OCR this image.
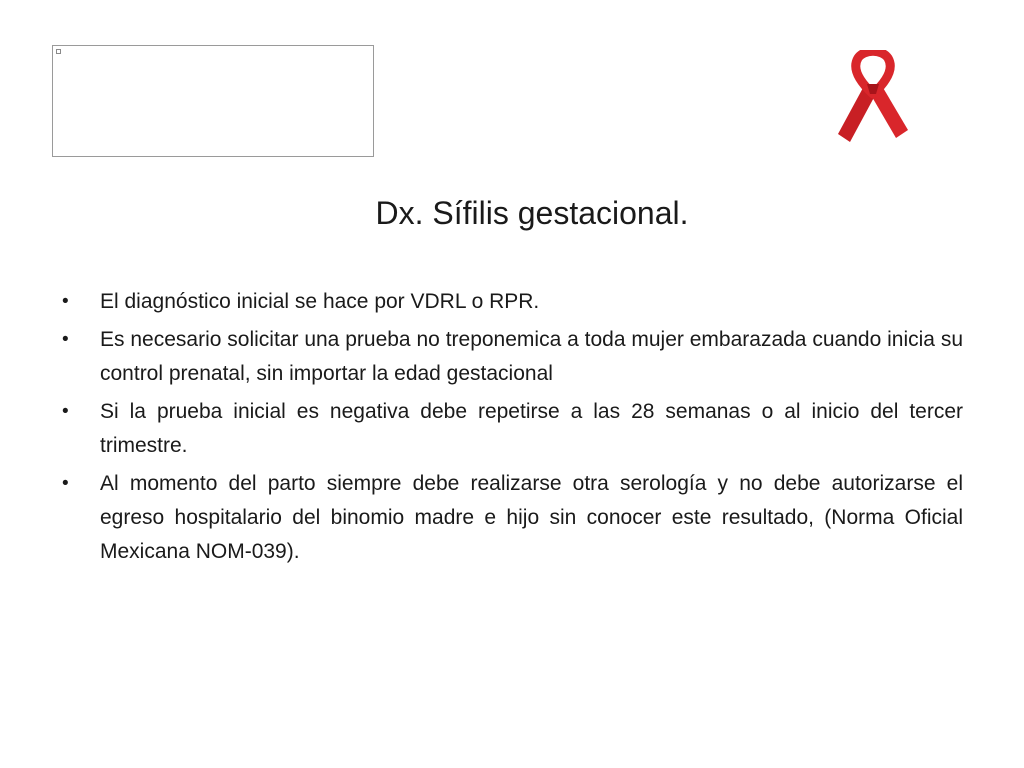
Dx. Sífilis gestacional.
• El diagnóstico inicial se hace por VDRL o RPR.
• Es necesario solicitar una prueba no treponemica a toda mujer embarazada cuando inicia su control prenatal, sin importar la edad gestacional
• Si la prueba inicial es negativa debe repetirse a las 28 semanas o al inicio del tercer trimestre.
• Al momento del parto siempre debe realizarse otra serología y no debe autorizarse el egreso hospitalario del binomio madre e hijo sin conocer este resultado, (Norma Oficial Mexicana NOM-039).
